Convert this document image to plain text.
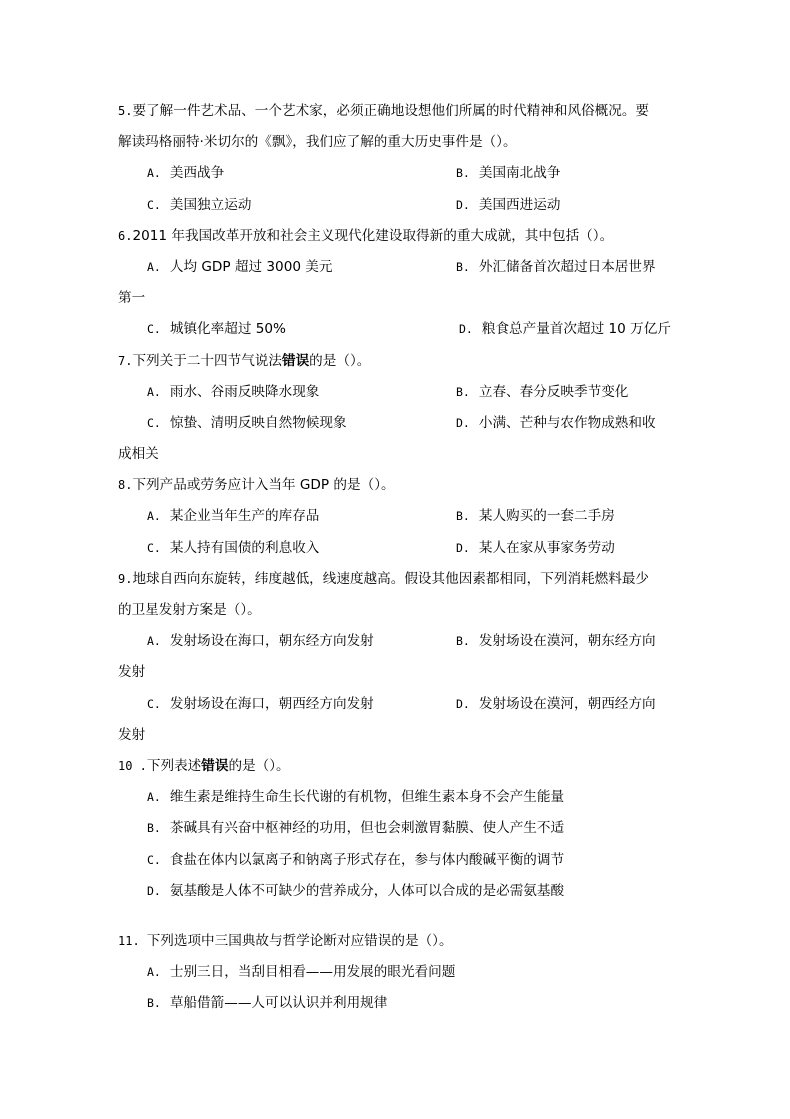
5.要了解一件艺术品、一个艺术家，必须正确地设想他们所属的时代精神和风俗概况。要
解读玛格丽特·米切尔的《飘》，我们应了解的重大历史事件是（）。
A. 美西战争	B. 美国南北战争
C. 美国独立运动	D. 美国西进运动
6.2011 年我国改革开放和社会主义现代化建设取得新的重大成就，其中包括（）。
A. 人均 GDP 超过 3000 美元	B. 外汇储备首次超过日本居世界
第一
C. 城镇化率超过 50%	D. 粮食总产量首次超过 10 万亿斤
7.下列关于二十四节气说法错误的是（）。
A. 雨水、谷雨反映降水现象	B. 立春、春分反映季节变化
C. 惊蛰、清明反映自然物候现象	D. 小满、芒种与农作物成熟和收
成相关
8.下列产品或劳务应计入当年 GDP 的是（）。
A. 某企业当年生产的库存品	B. 某人购买的一套二手房
C. 某人持有国债的利息收入	D. 某人在家从事家务劳动
9.地球自西向东旋转，纬度越低，线速度越高。假设其他因素都相同，下列消耗燃料最少
的卫星发射方案是（）。
A. 发射场设在海口，朝东经方向发射	B. 发射场设在漠河，朝东经方向
发射
C. 发射场设在海口，朝西经方向发射	D. 发射场设在漠河，朝西经方向
发射
10 .下列表述错误的是（）。
A. 维生素是维持生命生长代谢的有机物，但维生素本身不会产生能量
B. 茶碱具有兴奋中枢神经的功用，但也会刺激胃黏膜、使人产生不适
C. 食盐在体内以氯离子和钠离子形式存在，参与体内酸碱平衡的调节
D. 氨基酸是人体不可缺少的营养成分，人体可以合成的是必需氨基酸
11. 下列选项中三国典故与哲学论断对应错误的是（）。
A. 士别三日，当刮目相看——用发展的眼光看问题
B. 草船借箭——人可以认识并利用规律
